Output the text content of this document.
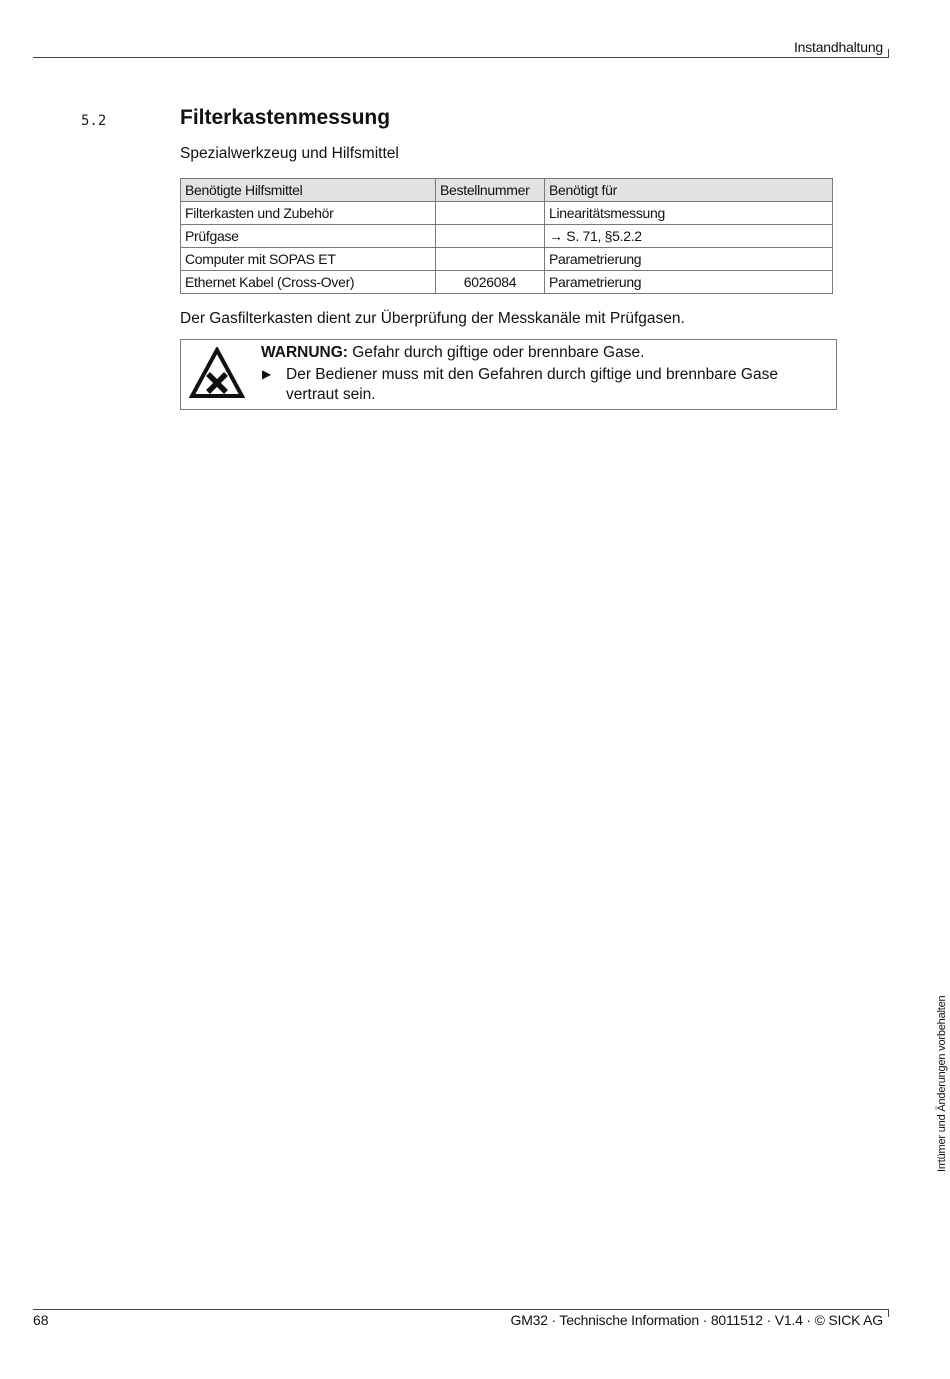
Instandhaltung
5.2	Filterkastenmessung
Spezialwerkzeug und Hilfsmittel
Benötigte Hilfsmittel	Bestellnummer	Benötigt für
Filterkasten und Zubehör		Linearitätsmessung
Prüfgase		→ S. 71, §5.2.2
Computer mit SOPAS ET		Parametrierung
Ethernet Kabel (Cross-Over)	6026084	Parametrierung
Der Gasfilterkasten dient zur Überprüfung der Messkanäle mit Prüfgasen.
WARNUNG: Gefahr durch giftige oder brennbare Gase.
▶ Der Bediener muss mit den Gefahren durch giftige und brennbare Gase vertraut sein.
Irrtümer und Änderungen vorbehalten
68	GM32 · Technische Information · 8011512 · V1.4 · © SICK AG
